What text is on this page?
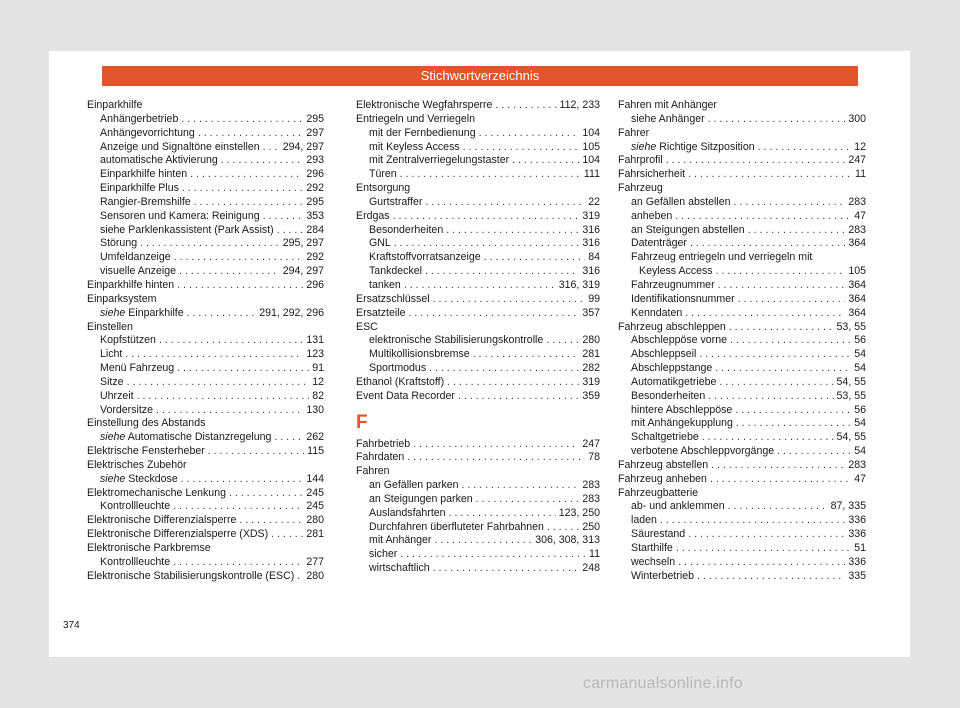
Stichwortverzeichnis
Einparkhilfe
Anhängerbetrieb . . .	295
Anhängevorrichtung . . .	297
Anzeige und Signaltöne einstellen . . . 294, 297
automatische Aktivierung . . .	293
Einparkhilfe hinten . . .	296
Einparkhilfe Plus . . .	292
Rangier-Bremshilfe . . .	295
Sensoren und Kamera: Reinigung . . .	353
siehe Parklenkassistent (Park Assist) . . .	284
Störung . . .	295, 297
Umfeldanzeige . . .	292
visuelle Anzeige . . .	294, 297
Einparkhilfe hinten . . .	296
Einparksystem
siehe Einparkhilfe . . .	291, 292, 296
Einstellen
Kopfstützen . . .	131
Licht . . .	123
Menü Fahrzeug . . .	91
Sitze . . .	12
Uhrzeit . . .	82
Vordersitze . . .	130
Einstellung des Abstands
siehe Automatische Distanzregelung . . .	262
Elektrische Fensterheber . . .	115
Elektrisches Zubehör
siehe Steckdose . . .	144
Elektromechanische Lenkung . . .	245
Kontrollleuchte . . .	245
Elektronische Differenzialsperre . . .	280
Elektronische Differenzialsperre (XDS) . . .	281
Elektronische Parkbremse
Kontrollleuchte . . .	277
Elektronische Stabilisierungskontrolle (ESC) . . . 280
Elektronische Wegfahrsperre . . .	112, 233
Entriegeln und Verriegeln
mit der Fernbedienung . . .	104
mit Keyless Access . . .	105
mit Zentralverriegelungstaster . . .	104
Türen . . .	111
Entsorgung
Gurtstraffer . . .	22
Erdgas . . .	319
Besonderheiten . . .	316
GNL . . .	316
Kraftstoffvorratsanzeige . . .	84
Tankdeckel . . .	316
tanken . . .	316, 319
Ersatzschlüssel . . .	99
Ersatzteile . . .	357
ESC
elektronische Stabilisierungskontrolle . . .	280
Multikollisionsbremse . . .	281
Sportmodus . . .	282
Ethanol (Kraftstoff) . . .	319
Event Data Recorder . . .	359
F
Fahrbetrieb . . .	247
Fahrdaten . . .	78
Fahren
an Gefällen parken . . .	283
an Steigungen parken . . .	283
Auslandsfahrten . . .	123, 250
Durchfahren überfluteter Fahrbahnen . . .	250
mit Anhänger . . .	306, 308, 313
sicher . . .	11
wirtschaftlich . . .	248
Fahren mit Anhänger
siehe Anhänger . . .	300
Fahrer
siehe Richtige Sitzposition . . .	12
Fahrprofil . . .	247
Fahrsicherheit . . .	11
Fahrzeug
an Gefällen abstellen . . .	283
anheben . . .	47
an Steigungen abstellen . . .	283
Datenträger . . .	364
Fahrzeug entriegeln und verriegeln mit
Keyless Access . . .	105
Fahrzeugnummer . . .	364
Identifikationsnummer . . .	364
Kenndaten . . .	364
Fahrzeug abschleppen . . .	53, 55
Abschleppöse vorne . . .	56
Abschleppseil . . .	54
Abschleppstange . . .	54
Automatikgetriebe . . .	54, 55
Besonderheiten . . .	53, 55
hintere Abschleppöse . . .	56
mit Anhängekupplung . . .	54
Schaltgetriebe . . .	54, 55
verbotene Abschleppvorgänge . . .	54
Fahrzeug abstellen . . .	283
Fahrzeug anheben . . .	47
Fahrzeugbatterie
ab- und anklemmen . . .	87, 335
laden . . .	336
Säurestand . . .	336
Starthilfe . . .	51
wechseln . . .	336
Winterbetrieb . . .	335
374
carmanualsonline.info
